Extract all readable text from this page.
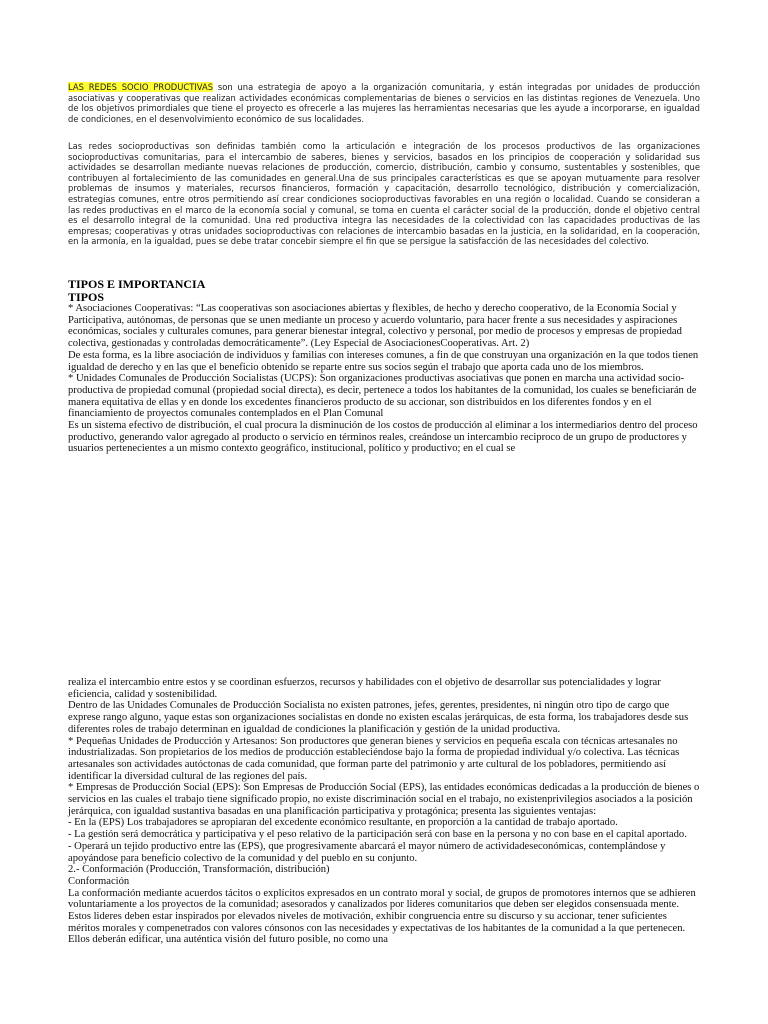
LAS REDES SOCIO PRODUCTIVAS son una estrategia de apoyo a la organización comunitaria, y están integradas por unidades de producción asociativas y cooperativas que realizan actividades económicas complementarias de bienes o servicios en las distintas regiones de Venezuela. Uno de los objetivos primordiales que tiene el proyecto es ofrecerle a las mujeres las herramientas necesarias que les ayude a incorporarse, en igualdad de condiciones, en el desenvolvimiento económico de sus localidades.
Las redes socioproductivas son definidas también como la articulación e integración de los procesos productivos de las organizaciones socioproductivas comunitarias, para el intercambio de saberes, bienes y servicios, basados en los principios de cooperación y solidaridad sus actividades se desarrollan mediante nuevas relaciones de producción, comercio, distribución, cambio y consumo, sustentables y sostenibles, que contribuyen al fortalecimiento de las comunidades en general.Una de sus principales características es que se apoyan mutuamente para resolver problemas de insumos y materiales, recursos financieros, formación y capacitación, desarrollo tecnológico, distribución y comercialización, estrategias comunes, entre otros permitiendo así crear condiciones socioproductivas favorables en una región o localidad. Cuando se consideran a las redes productivas en el marco de la economía social y comunal, se toma en cuenta el carácter social de la producción, donde el objetivo central es el desarrollo integral de la comunidad. Una red productiva integra las necesidades de la colectividad con las capacidades productivas de las empresas; cooperativas y otras unidades socioproductivas con relaciones de intercambio basadas en la justicia, en la solidaridad, en la cooperación, en la armonía, en la igualdad, pues se debe tratar concebir siempre el fin que se persigue la satisfacción de las necesidades del colectivo.
TIPOS E IMPORTANCIA
TIPOS

* Asociaciones Cooperativas: “Las cooperativas son asociaciones abiertas y flexibles, de hecho y derecho cooperativo, de la Economía Social y Participativa, autónomas, de personas que se unen mediante un proceso y acuerdo voluntario, para hacer frente a sus necesidades y aspiraciones económicas, sociales y culturales comunes, para generar bienestar integral, colectivo y personal, por medio de procesos y empresas de propiedad colectiva, gestionadas y controladas democráticamente”. (Ley Especial de AsociacionesCooperativas. Art. 2)

De esta forma, es la libre asociación de individuos y familias con intereses comunes, a fin de que construyan una organización en la que todos tienen igualdad de derecho y en las que el beneficio obtenido se reparte entre sus socios según el trabajo que aporta cada uno de los miembros.

* Unidades Comunales de Producción Socialistas (UCPS): Son organizaciones productivas asociativas que ponen en marcha una actividad socio-productiva de propiedad comunal (propiedad social directa), es decir, pertenece a todos los habitantes de la comunidad, los cuales se beneficiarán de manera equitativa de ellas y en donde los excedentes financieros producto de su accionar, son distribuidos en los diferentes fondos y en el financiamiento de proyectos comunales contemplados en el Plan Comunal

Es un sistema efectivo de distribución, el cual procura la disminución de los costos de producción al eliminar a los intermediarios dentro del proceso productivo, generando valor agregado al producto o servicio en términos reales, creándose un intercambio reciproco de un grupo de productores y usuarios pertenecientes a un mismo contexto geográfico, institucional, político y productivo; en el cual se

realiza el intercambio entre estos y se coordinan esfuerzos, recursos y habilidades con el objetivo de desarrollar sus potencialidades y lograr eficiencia, calidad y sostenibilidad.

Dentro de las Unidades Comunales de Producción Socialista no existen patrones, jefes, gerentes, presidentes, ni ningún otro tipo de cargo que exprese rango alguno, yaque estas son organizaciones socialistas en donde no existen escalas jerárquicas, de esta forma, los trabajadores desde sus diferentes roles de trabajo determinan en igualdad de condiciones la planificación y gestión de la unidad productiva.

* Pequeñas Unidades de Producción y Artesanos: Son productores que generan bienes y servicios en pequeña escala con técnicas artesanales no industrializadas. Son propietarios de los medios de producción estableciéndose bajo la forma de propiedad individual y/o colectiva. Las técnicas artesanales son actividades autóctonas de cada comunidad, que forman parte del patrimonio y arte cultural de los pobladores, permitiendo así identificar la diversidad cultural de las regiones del país.

* Empresas de Producción Social (EPS): Son Empresas de Producción Social (EPS), las entidades económicas dedicadas a la producción de bienes o servicios en las cuales el trabajo tiene significado propio, no existe discriminación social en el trabajo, no existenprivilegios asociados a la posición jerárquica, con igualdad sustantiva basadas en una planificación participativa y protagónica; presenta las siguientes ventajas:

- En la (EPS) Los trabajadores se apropiaran del excedente económico resultante, en proporción a la cantidad de trabajo aportado.

- La gestión será democrática y participativa y el peso relativo de la participación será con base en la persona y no con base en el capital aportado.

- Operará un tejido productivo entre las (EPS), que progresivamente abarcará el mayor número de actividadeseconómicas, contemplándose y apoyándose para beneficio colectivo de la comunidad y del pueblo en su conjunto.

2.- Conformación (Producción, Transformación, distribución)

Conformación

La conformación mediante acuerdos tácitos o explícitos expresados en un contrato moral y social, de grupos de promotores internos que se adhieren voluntariamente a los proyectos de la comunidad; asesorados y canalizados por lideres comunitarios que deben ser elegidos consensuada mente. Estos lideres deben estar inspirados por elevados niveles de motivación, exhibir congruencia entre su discurso y su accionar, tener suficientes méritos morales y compenetrados con valores cónsonos con las necesidades y expectativas de los habitantes de la comunidad a la que pertenecen. Ellos deberán edificar, una auténtica visión del futuro posible, no como una
